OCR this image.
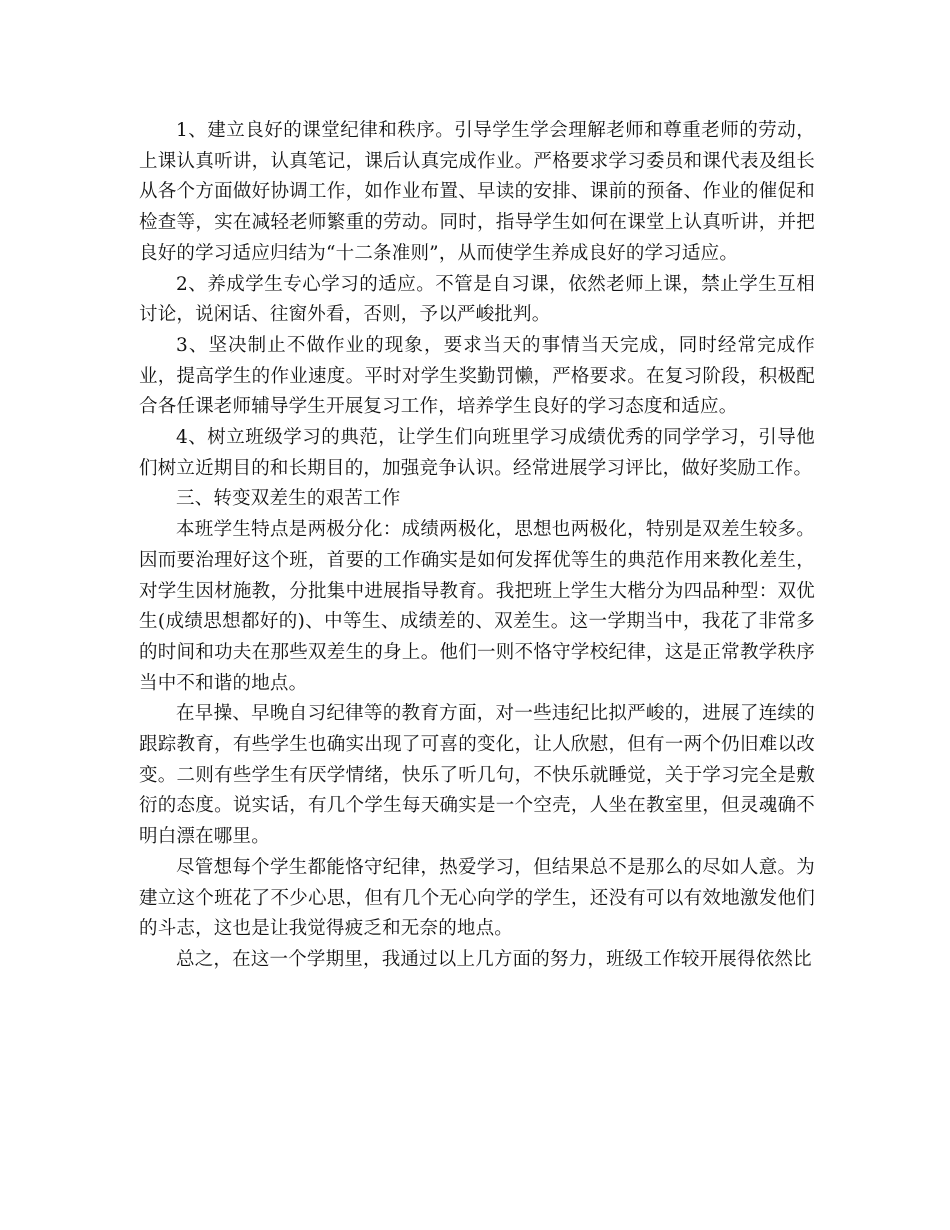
1、建立良好的课堂纪律和秩序。引导学生学会理解老师和尊重老师的劳动，上课认真听讲，认真笔记，课后认真完成作业。严格要求学习委员和课代表及组长从各个方面做好协调工作，如作业布置、早读的安排、课前的预备、作业的催促和检查等，实在减轻老师繁重的劳动。同时，指导学生如何在课堂上认真听讲，并把良好的学习适应归结为“十二条准则”，从而使学生养成良好的学习适应。

2、养成学生专心学习的适应。不管是自习课，依然老师上课，禁止学生互相讨论，说闲话、往窗外看，否则，予以严峻批判。

3、坚决制止不做作业的现象，要求当天的事情当天完成，同时经常完成作业，提高学生的作业速度。平时对学生奖勤罚懒，严格要求。在复习阶段，积极配合各任课老师辅导学生开展复习工作，培养学生良好的学习态度和适应。

4、树立班级学习的典范，让学生们向班里学习成绩优秀的同学学习，引导他们树立近期目的和长期目的，加强竞争认识。经常进展学习评比，做好奖励工作。

三、转变双差生的艰苦工作

本班学生特点是两极分化：成绩两极化，思想也两极化，特别是双差生较多。因而要治理好这个班，首要的工作确实是如何发挥优等生的典范作用来教化差生，对学生因材施教，分批集中进展指导教育。我把班上学生大楷分为四品种型：双优生(成绩思想都好的)、中等生、成绩差的、双差生。这一学期当中，我花了非常多的时间和功夫在那些双差生的身上。他们一则不恪守学校纪律，这是正常教学秩序当中不和谐的地点。

在早操、早晚自习纪律等的教育方面，对一些违纪比拟严峻的，进展了连续的跟踪教育，有些学生也确实出现了可喜的变化，让人欣慰，但有一两个仍旧难以改变。二则有些学生有厌学情绪，快乐了听几句，不快乐就睡觉，关于学习完全是敷衍的态度。说实话，有几个学生每天确实是一个空壳，人坐在教室里，但灵魂确不明白漂在哪里。

尽管想每个学生都能恪守纪律，热爱学习，但结果总不是那么的尽如人意。为建立这个班花了不少心思，但有几个无心向学的学生，还没有可以有效地激发他们的斗志，这也是让我觉得疲乏和无奈的地点。

总之，在这一个学期里，我通过以上几方面的努力，班级工作较开展得依然比
